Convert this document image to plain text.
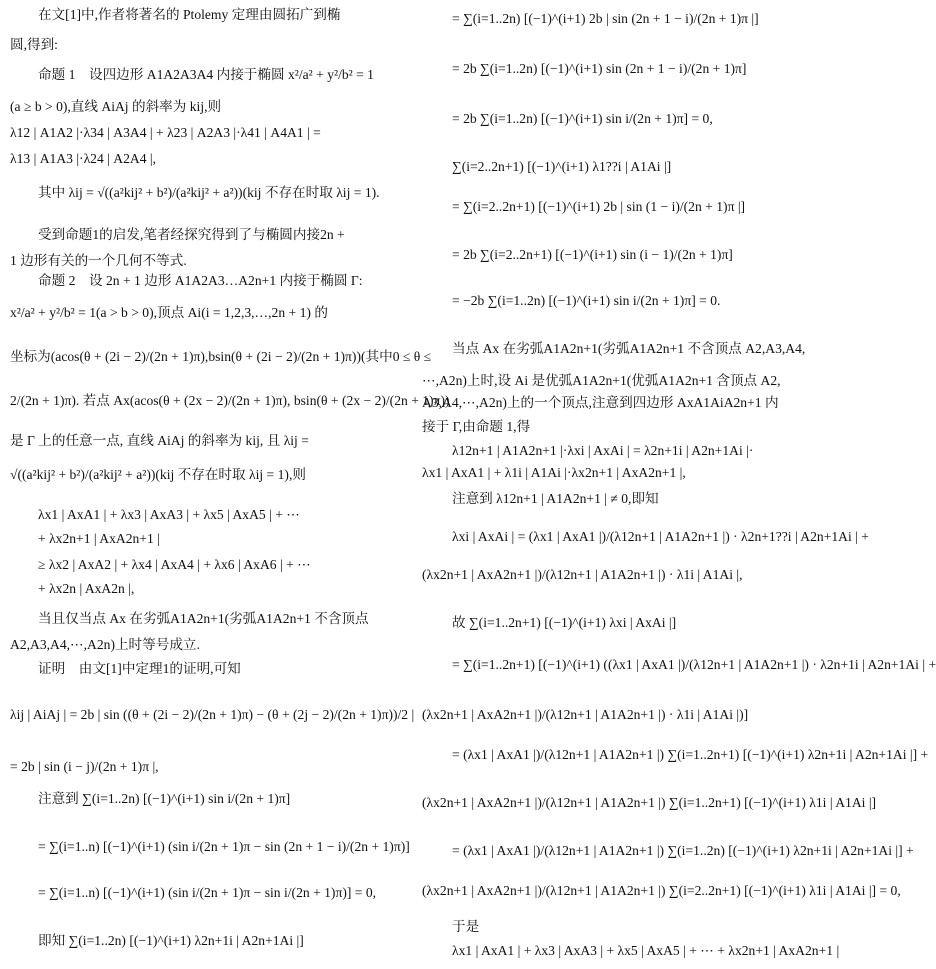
在文[1]中,作者将著名的 Ptolemy 定理由圆拓广到椭
圆,得到:
命题 1　设四边形 A1A2A3A4 内接于椭圆 x²/a² + y²/b² = 1
(a ≥ b > 0),直线 AiAj 的斜率为 kij,则
λ12 | A1A2 |·λ34 | A3A4 | + λ23 | A2A3 |·λ41 | A4A1 | =
λ13 | A1A3 |·λ24 | A2A4 |,
其中 λij = √((a²kij² + b²)/(a²kij² + a²))(kij 不存在时取 λij = 1).
受到命题1的启发,笔者经探究得到了与椭圆内接2n +
1 边形有关的一个几何不等式.
命题 2　设 2n + 1 边形 A1A2A3…A2n+1 内接于椭圆 Γ:
x²/a² + y²/b² = 1(a > b > 0),顶点 Ai(i = 1,2,3,…,2n + 1) 的
坐标为(acos(θ + (2i − 2)/(2n + 1)π),bsin(θ + (2i − 2)/(2n + 1)π))(其中0 ≤ θ ≤
2/(2n + 1)π). 若点 Ax(acos(θ + (2x − 2)/(2n + 1)π), bsin(θ + (2x − 2)/(2n + 1)π))
是 Γ 上的任意一点, 直线 AiAj 的斜率为 kij, 且 λij =
√((a²kij² + b²)/(a²kij² + a²))(kij 不存在时取 λij = 1),则
λx1 | AxA1 | + λx3 | AxA3 | + λx5 | AxA5 | + ⋯
+ λx2n+1 | AxA2n+1 |
≥ λx2 | AxA2 | + λx4 | AxA4 | + λx6 | AxA6 | + ⋯
+ λx2n | AxA2n |,
当且仅当点 Ax 在劣弧A1A2n+1(劣弧A1A2n+1 不含顶点
A2,A3,A4,⋯,A2n)上时等号成立.
证明　由文[1]中定理1的证明,可知
λij | AiAj | = 2b | sin ((θ + (2i − 2)/(2n + 1)π) − (θ + (2j − 2)/(2n + 1)π))/2 |
= 2b | sin (i − j)/(2n + 1)π |,
注意到 ∑(i=1..2n) [(−1)^(i+1) sin i/(2n + 1)π]
= ∑(i=1..n) [(−1)^(i+1) (sin i/(2n + 1)π − sin (2n + 1 − i)/(2n + 1)π)]
= ∑(i=1..n) [(−1)^(i+1) (sin i/(2n + 1)π − sin i/(2n + 1)π)] = 0,
即知 ∑(i=1..2n) [(−1)^(i+1) λ2n+1i | A2n+1Ai |]
= ∑(i=1..2n) [(−1)^(i+1) 2b | sin (2n + 1 − i)/(2n + 1)π |]
= 2b ∑(i=1..2n) [(−1)^(i+1) sin (2n + 1 − i)/(2n + 1)π]
= 2b ∑(i=1..2n) [(−1)^(i+1) sin i/(2n + 1)π] = 0,
∑(i=2..2n+1) [(−1)^(i+1) λ1??i | A1Ai |]
= ∑(i=2..2n+1) [(−1)^(i+1) 2b | sin (1 − i)/(2n + 1)π |]
= 2b ∑(i=2..2n+1) [(−1)^(i+1) sin (i − 1)/(2n + 1)π]
= −2b ∑(i=1..2n) [(−1)^(i+1) sin i/(2n + 1)π] = 0.
当点 Ax 在劣弧A1A2n+1(劣弧A1A2n+1 不含顶点 A2,A3,A4,
⋯,A2n)上时,设 Ai 是优弧A1A2n+1(优弧A1A2n+1 含顶点 A2,
A3,A4,⋯,A2n)上的一个顶点,注意到四边形 AxA1AiA2n+1 内
接于 Γ,由命题 1,得
λ12n+1 | A1A2n+1 |·λxi | AxAi | = λ2n+1i | A2n+1Ai |·
λx1 | AxA1 | + λ1i | A1Ai |·λx2n+1 | AxA2n+1 |,
注意到 λ12n+1 | A1A2n+1 | ≠ 0,即知
λxi | AxAi | = (λx1 | AxA1 |)/(λ12n+1 | A1A2n+1 |) · λ2n+1??i | A2n+1Ai | +
(λx2n+1 | AxA2n+1 |)/(λ12n+1 | A1A2n+1 |) · λ1i | A1Ai |,
故 ∑(i=1..2n+1) [(−1)^(i+1) λxi | AxAi |]
= ∑(i=1..2n+1) [(−1)^(i+1) ((λx1 | AxA1 |)/(λ12n+1 | A1A2n+1 |) · λ2n+1i | A2n+1Ai | +
(λx2n+1 | AxA2n+1 |)/(λ12n+1 | A1A2n+1 |) · λ1i | A1Ai |)]
= (λx1 | AxA1 |)/(λ12n+1 | A1A2n+1 |) ∑(i=1..2n+1) [(−1)^(i+1) λ2n+1i | A2n+1Ai |] +
(λx2n+1 | AxA2n+1 |)/(λ12n+1 | A1A2n+1 |) ∑(i=1..2n+1) [(−1)^(i+1) λ1i | A1Ai |]
= (λx1 | AxA1 |)/(λ12n+1 | A1A2n+1 |) ∑(i=1..2n) [(−1)^(i+1) λ2n+1i | A2n+1Ai |] +
(λx2n+1 | AxA2n+1 |)/(λ12n+1 | A1A2n+1 |) ∑(i=2..2n+1) [(−1)^(i+1) λ1i | A1Ai |] = 0,
于是
λx1 | AxA1 | + λx3 | AxA3 | + λx5 | AxA5 | + ⋯ + λx2n+1 | AxA2n+1 |
